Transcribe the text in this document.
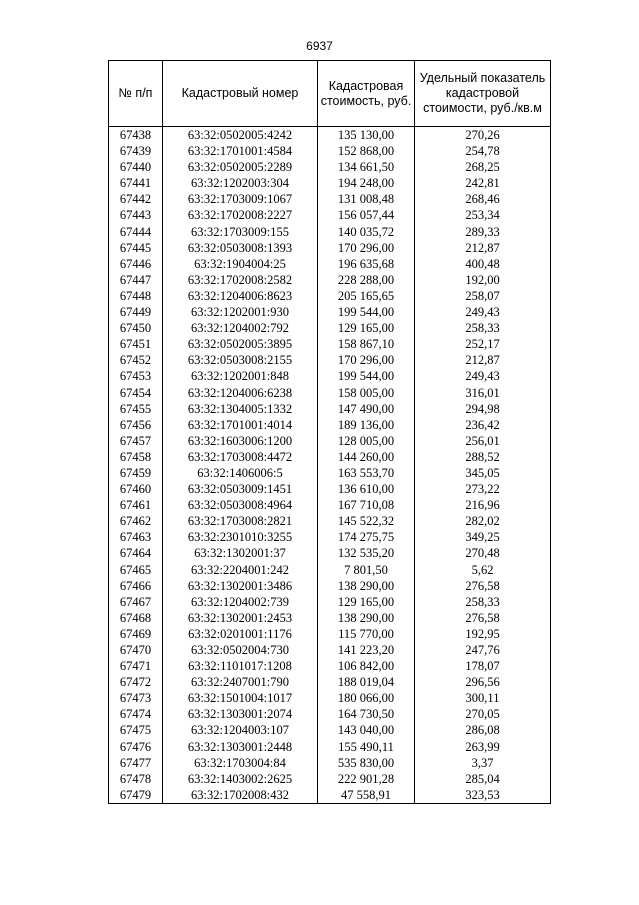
6937
№ п/п	Кадастровый номер	Кадастровая стоимость, руб.	Удельный показатель кадастровой стоимости, руб./кв.м
67438	63:32:0502005:4242	135 130,00	270,26
67439	63:32:1701001:4584	152 868,00	254,78
67440	63:32:0502005:2289	134 661,50	268,25
67441	63:32:1202003:304	194 248,00	242,81
67442	63:32:1703009:1067	131 008,48	268,46
67443	63:32:1702008:2227	156 057,44	253,34
67444	63:32:1703009:155	140 035,72	289,33
67445	63:32:0503008:1393	170 296,00	212,87
67446	63:32:1904004:25	196 635,68	400,48
67447	63:32:1702008:2582	228 288,00	192,00
67448	63:32:1204006:8623	205 165,65	258,07
67449	63:32:1202001:930	199 544,00	249,43
67450	63:32:1204002:792	129 165,00	258,33
67451	63:32:0502005:3895	158 867,10	252,17
67452	63:32:0503008:2155	170 296,00	212,87
67453	63:32:1202001:848	199 544,00	249,43
67454	63:32:1204006:6238	158 005,00	316,01
67455	63:32:1304005:1332	147 490,00	294,98
67456	63:32:1701001:4014	189 136,00	236,42
67457	63:32:1603006:1200	128 005,00	256,01
67458	63:32:1703008:4472	144 260,00	288,52
67459	63:32:1406006:5	163 553,70	345,05
67460	63:32:0503009:1451	136 610,00	273,22
67461	63:32:0503008:4964	167 710,08	216,96
67462	63:32:1703008:2821	145 522,32	282,02
67463	63:32:2301010:3255	174 275,75	349,25
67464	63:32:1302001:37	132 535,20	270,48
67465	63:32:2204001:242	7 801,50	5,62
67466	63:32:1302001:3486	138 290,00	276,58
67467	63:32:1204002:739	129 165,00	258,33
67468	63:32:1302001:2453	138 290,00	276,58
67469	63:32:0201001:1176	115 770,00	192,95
67470	63:32:0502004:730	141 223,20	247,76
67471	63:32:1101017:1208	106 842,00	178,07
67472	63:32:2407001:790	188 019,04	296,56
67473	63:32:1501004:1017	180 066,00	300,11
67474	63:32:1303001:2074	164 730,50	270,05
67475	63:32:1204003:107	143 040,00	286,08
67476	63:32:1303001:2448	155 490,11	263,99
67477	63:32:1703004:84	535 830,00	3,37
67478	63:32:1403002:2625	222 901,28	285,04
67479	63:32:1702008:432	47 558,91	323,53
